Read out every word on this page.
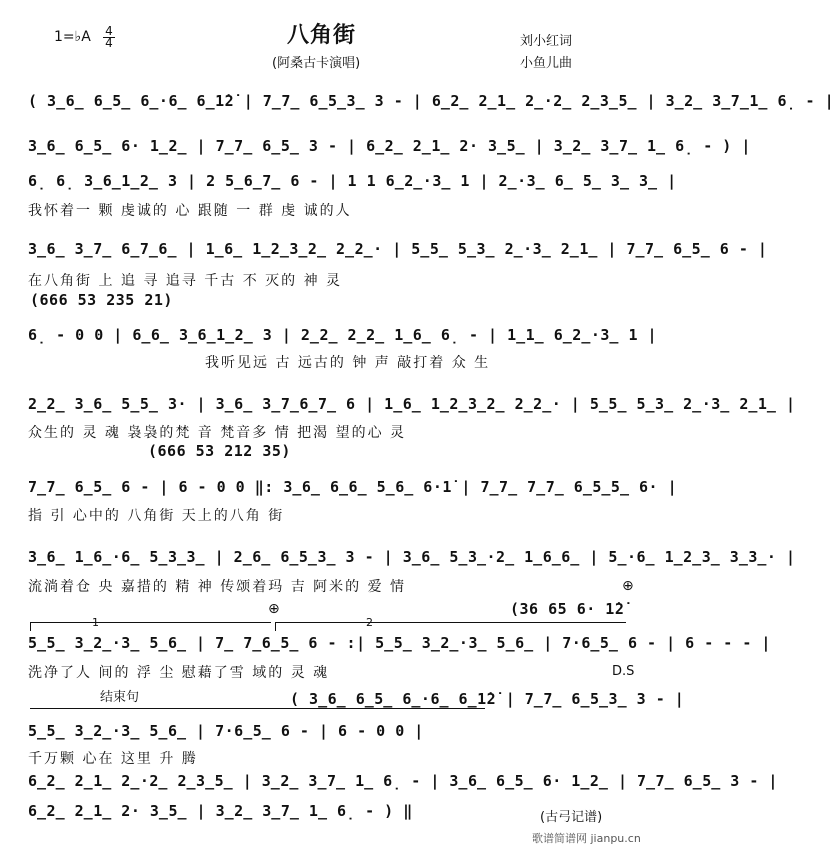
1=♭A 4
4	八角街
(阿桑古卡演唱)
刘小红词
小鱼儿曲
( 3̲6̲ 6̲5̲ 6̲·6̲ 6̲1̇2̇ | 7̲7̲ 6̲5̲3̲ 3 - | 6̲2̲ 2̲1̲ 2̲·2̲ 2̲3̲5̲ | 3̲2̲ 3̲7̲1̲ 6̣ - |
3̲6̲ 6̲5̲ 6· 1̲2̲ | 7̲7̲ 6̲5̲ 3 - | 6̲2̲ 2̲1̲ 2· 3̲5̲ | 3̲2̲ 3̲7̲ 1̲ 6̣ - ) |
6̣ 6̣ 3̲6̲1̲2̲ 3 | 2 5̲6̲7̲ 6 - | 1 1 6̲2̲·3̲ 1 | 2̲·3̲ 6̲ 5̲ 3̲ 3̲ |
我怀着一 颗 虔诚的 心 跟随 一 群 虔 诚的人
3̲6̲ 3̲7̲ 6̲7̲6̲ | 1̲6̲ 1̲2̲3̲2̲ 2̲2̲· | 5̲5̲ 5̲3̲ 2̲·3̲ 2̲1̲ | 7̲7̲ 6̲5̲ 6 - |
在八角街 上 追 寻 追寻 千古 不 灭的 神 灵
(666 53 235 21)
6̣ - 0 0 | 6̲6̲ 3̲6̲1̲2̲ 3 | 2̲2̲ 2̲2̲ 1̲6̲ 6̣ - | 1̲1̲ 6̲2̲·3̲ 1 |
我听见远 古 远古的 钟 声 敲打着 众 生
2̲2̲ 3̲6̲ 5̲5̲ 3· | 3̲6̲ 3̲7̲6̲7̲ 6 | 1̲6̲ 1̲2̲3̲2̲ 2̲2̲· | 5̲5̲ 5̲3̲ 2̲·3̲ 2̲1̲ |
众生的 灵 魂 袅袅的梵 音 梵音多 情 把渴 望的心 灵
(666 53 212 35)
7̲7̲ 6̲5̲ 6 - | 6 - 0 0 ‖: 3̲6̲ 6̲6̲ 5̲6̲ 6·1̇ | 7̲7̲ 7̲7̲ 6̲5̲5̲ 6· |
指 引 心中的 八角街 天上的八角 街
3̲6̲ 1̲6̲·6̲ 5̲3̲3̲ | 2̲6̲ 6̲5̲3̲ 3 - | 3̲6̲ 5̲3̲·2̲ 1̲6̲6̲ | 5̲·6̲ 1̲2̲3̲ 3̲3̲· |
流淌着仓 央 嘉措的 精 神 传颂着玛 吉 阿米的 爱 情	⊕
(36 65 6· 1̇2̇
1
⊕
2
5̲5̲ 3̲2̲·3̲ 5̲6̲ | 7̲ 7̲6̲5̲ 6 - :| 5̲5̲ 3̲2̲·3̲ 5̲6̲ | 7·6̲5̲ 6 - | 6 - - - |
洗净了人 间的 浮 尘 慰藉了雪 域的 灵 魂	D.S
结束句	( 3̲6̲ 6̲5̲ 6̲·6̲ 6̲1̇2̇ | 7̲7̲ 6̲5̲3̲ 3 - |
5̲5̲ 3̲2̲·3̲ 5̲6̲ | 7·6̲5̲ 6 - | 6 - 0 0 |
千万颗 心在 这里 升 腾
6̲2̲ 2̲1̲ 2̲·2̲ 2̲3̲5̲ | 3̲2̲ 3̲7̲ 1̲ 6̣ - | 3̲6̲ 6̲5̲ 6· 1̲2̲ | 7̲7̲ 6̲5̲ 3 - |
6̲2̲ 2̲1̲ 2· 3̲5̲ | 3̲2̲ 3̲7̲ 1̲ 6̣ - ) ‖	(古弓记谱)
歌谱简谱网 jianpu.cn
